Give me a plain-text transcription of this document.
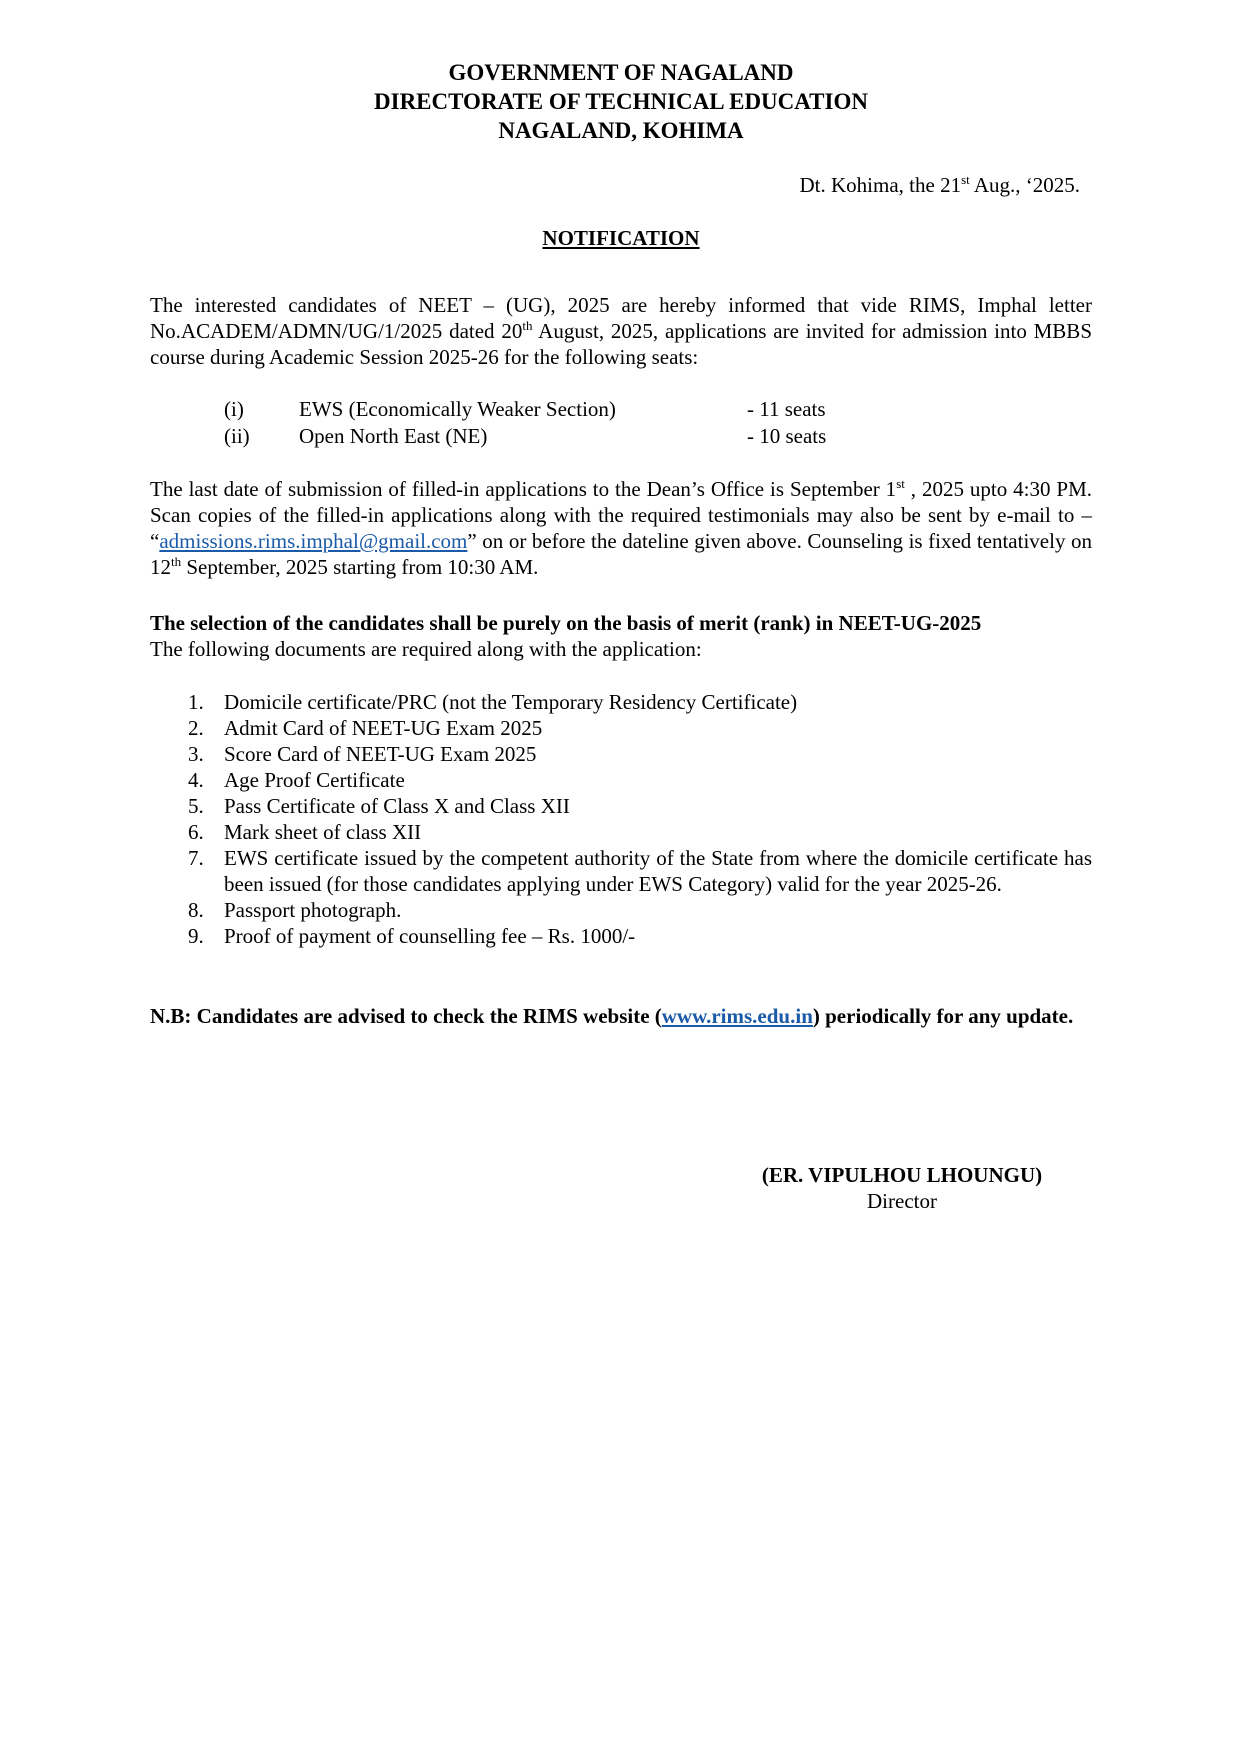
GOVERNMENT OF NAGALAND
DIRECTORATE OF TECHNICAL EDUCATION
NAGALAND, KOHIMA
Dt. Kohima, the 21st Aug., ‘2025.
NOTIFICATION

The interested candidates of NEET – (UG), 2025 are hereby informed that vide RIMS, Imphal letter No.ACADEM/ADMN/UG/1/2025 dated 20th August, 2025, applications are invited for admission into MBBS course during Academic Session 2025-26 for the following seats:

(i)	EWS (Economically Weaker Section)	- 11 seats
(ii) Open North East (NE)	- 10 seats

The last date of submission of filled-in applications to the Dean’s Office is September 1st , 2025 upto 4:30 PM. Scan copies of the filled-in applications along with the required testimonials may also be sent by e-mail to – “admissions.rims.imphal@gmail.com” on or before the dateline given above. Counseling is fixed tentatively on 12th September, 2025 starting from 10:30 AM.

The selection of the candidates shall be purely on the basis of merit (rank) in NEET-UG-2025
The following documents are required along with the application:
1. Domicile certificate/PRC (not the Temporary Residency Certificate)
2. Admit Card of NEET-UG Exam 2025
3. Score Card of NEET-UG Exam 2025
4. Age Proof Certificate
5. Pass Certificate of Class X and Class XII
6. Mark sheet of class XII
7. EWS certificate issued by the competent authority of the State from where the domicile certificate has been issued (for those candidates applying under EWS Category) valid for the year 2025-26.
8. Passport photograph.
9. Proof of payment of counselling fee – Rs. 1000/-

N.B: Candidates are advised to check the RIMS website (www.rims.edu.in) periodically for any update.

(ER. VIPULHOU LHOUNGU)
Director
